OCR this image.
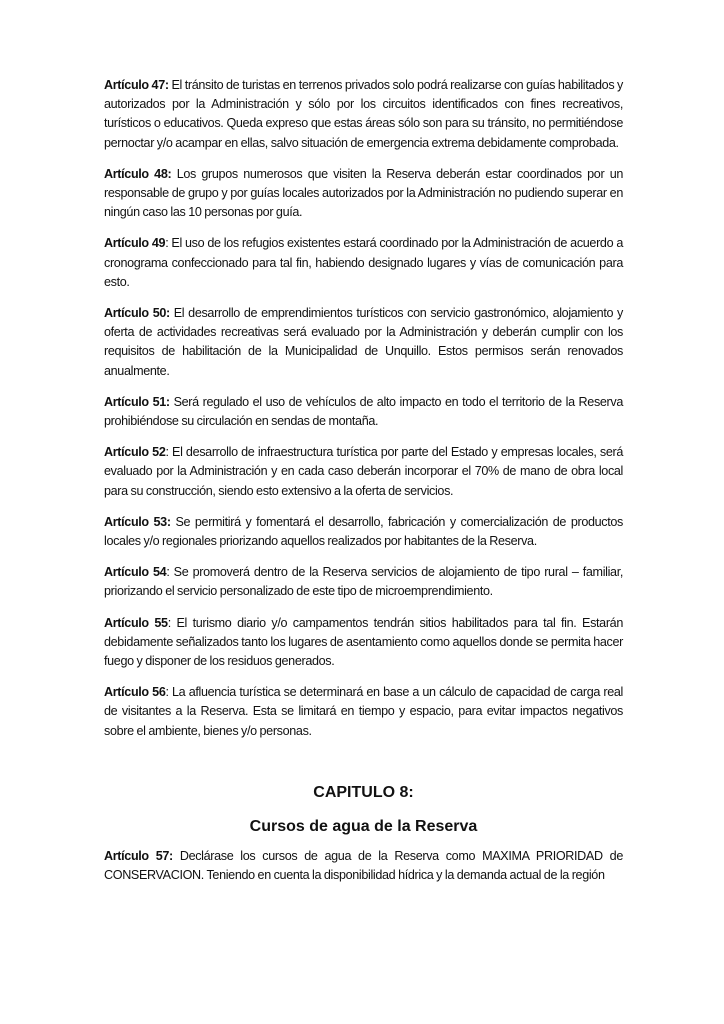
Artículo 47: El tránsito de turistas en terrenos privados solo podrá realizarse con guías habilitados y autorizados por la Administración y sólo por los circuitos identificados con fines recreativos, turísticos o educativos. Queda expreso que estas áreas sólo son para su tránsito, no permitiéndose pernoctar y/o acampar en ellas, salvo situación de emergencia extrema debidamente comprobada.

Artículo 48: Los grupos numerosos que visiten la Reserva deberán estar coordinados por un responsable de grupo y por guías locales autorizados por la Administración no pudiendo superar en ningún caso las 10 personas por guía.

Artículo 49: El uso de los refugios existentes estará coordinado por la Administración de acuerdo a cronograma confeccionado para tal fin, habiendo designado lugares y vías de comunicación para esto.

Artículo 50: El desarrollo de emprendimientos turísticos con servicio gastronómico, alojamiento y oferta de actividades recreativas será evaluado por la Administración y deberán cumplir con los requisitos de habilitación de la Municipalidad de Unquillo. Estos permisos serán renovados anualmente.

Artículo 51: Será regulado el uso de vehículos de alto impacto en todo el territorio de la Reserva prohibiéndose su circulación en sendas de montaña.

Artículo 52: El desarrollo de infraestructura turística por parte del Estado y empresas locales, será evaluado por la Administración y en cada caso deberán incorporar el 70% de mano de obra local para su construcción, siendo esto extensivo a la oferta de servicios.

Artículo 53: Se permitirá y fomentará el desarrollo, fabricación y comercialización de productos locales y/o regionales priorizando aquellos realizados por habitantes de la Reserva.

Artículo 54: Se promoverá dentro de la Reserva servicios de alojamiento de tipo rural – familiar, priorizando el servicio personalizado de este tipo de microemprendimiento.

Artículo 55: El turismo diario y/o campamentos tendrán sitios habilitados para tal fin. Estarán debidamente señalizados tanto los lugares de asentamiento como aquellos donde se permita hacer fuego y disponer de los residuos generados.

Artículo 56: La afluencia turística se determinará en base a un cálculo de capacidad de carga real de visitantes a la Reserva. Esta se limitará en tiempo y espacio, para evitar impactos negativos sobre el ambiente, bienes y/o personas.

CAPITULO 8:
Cursos de agua de la Reserva

Artículo 57: Declárase los cursos de agua de la Reserva como MAXIMA PRIORIDAD de CONSERVACION. Teniendo en cuenta la disponibilidad hídrica y la demanda actual de la región
